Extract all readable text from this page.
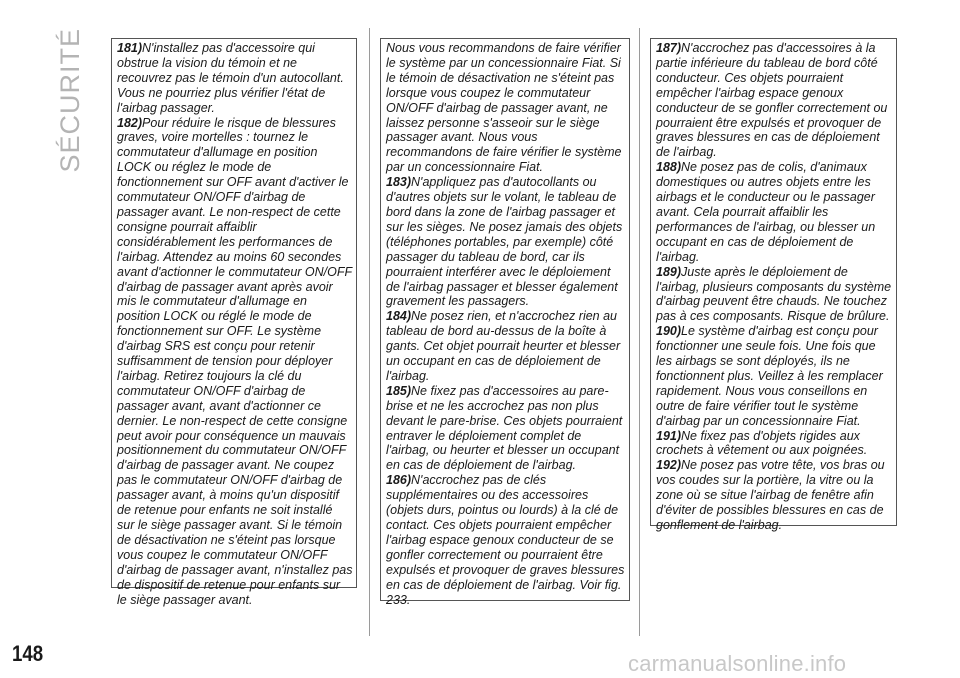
SÉCURITÉ	181)N'installez pas d'accessoire qui obstrue la vision du témoin et ne recouvrez pas le témoin d'un autocollant. Vous ne pourriez plus vérifier l'état de l'airbag passager.

182)Pour réduire le risque de blessures graves, voire mortelles : tournez le commutateur d'allumage en position LOCK ou réglez le mode de fonctionnement sur OFF avant d'activer le commutateur ON/OFF d'airbag de passager avant. Le non-respect de cette consigne pourrait affaiblir considérablement les performances de l'airbag. Attendez au moins 60 secondes avant d'actionner le commutateur ON/OFF d'airbag de passager avant après avoir mis le commutateur d'allumage en position LOCK ou réglé le mode de fonctionnement sur OFF. Le système d'airbag SRS est conçu pour retenir suffisamment de tension pour déployer l'airbag. Retirez toujours la clé du commutateur ON/OFF d'airbag de passager avant, avant d'actionner ce dernier. Le non-respect de cette consigne peut avoir pour conséquence un mauvais positionnement du commutateur ON/OFF d'airbag de passager avant. Ne coupez pas le commutateur ON/OFF d'airbag de passager avant, à moins qu'un dispositif de retenue pour enfants ne soit installé sur le siège passager avant. Si le témoin de désactivation ne s'éteint pas lorsque vous coupez le commutateur ON/OFF d'airbag de passager avant, n'installez pas de dispositif de retenue pour enfants sur le siège passager avant.

Nous vous recommandons de faire vérifier le système par un concessionnaire Fiat. Si le témoin de désactivation ne s'éteint pas lorsque vous coupez le commutateur ON/OFF d'airbag de passager avant, ne laissez personne s'asseoir sur le siège passager avant. Nous vous recommandons de faire vérifier le système par un concessionnaire Fiat.

183)N'appliquez pas d'autocollants ou d'autres objets sur le volant, le tableau de bord dans la zone de l'airbag passager et sur les sièges. Ne posez jamais des objets (téléphones portables, par exemple) côté passager du tableau de bord, car ils pourraient interférer avec le déploiement de l'airbag passager et blesser également gravement les passagers.

184)Ne posez rien, et n'accrochez rien au tableau de bord au-dessus de la boîte à gants. Cet objet pourrait heurter et blesser un occupant en cas de déploiement de l'airbag.

185)Ne fixez pas d'accessoires au pare-brise et ne les accrochez pas non plus devant le pare-brise. Ces objets pourraient entraver le déploiement complet de l'airbag, ou heurter et blesser un occupant en cas de déploiement de l'airbag.

186)N'accrochez pas de clés supplémentaires ou des accessoires (objets durs, pointus ou lourds) à la clé de contact. Ces objets pourraient empêcher l'airbag espace genoux conducteur de se gonfler correctement ou pourraient être expulsés et provoquer de graves blessures en cas de déploiement de l'airbag. Voir fig. 233.

187)N'accrochez pas d'accessoires à la partie inférieure du tableau de bord côté conducteur. Ces objets pourraient empêcher l'airbag espace genoux conducteur de se gonfler correctement ou pourraient être expulsés et provoquer de graves blessures en cas de déploiement de l'airbag.

188)Ne posez pas de colis, d'animaux domestiques ou autres objets entre les airbags et le conducteur ou le passager avant. Cela pourrait affaiblir les performances de l'airbag, ou blesser un occupant en cas de déploiement de l'airbag.

189)Juste après le déploiement de l'airbag, plusieurs composants du système d'airbag peuvent être chauds. Ne touchez pas à ces composants. Risque de brûlure.

190)Le système d'airbag est conçu pour fonctionner une seule fois. Une fois que les airbags se sont déployés, ils ne fonctionnent plus. Veillez à les remplacer rapidement. Nous vous conseillons en outre de faire vérifier tout le système d'airbag par un concessionnaire Fiat.

191)Ne fixez pas d'objets rigides aux crochets à vêtement ou aux poignées.

192)Ne posez pas votre tête, vos bras ou vos coudes sur la portière, la vitre ou la zone où se situe l'airbag de fenêtre afin d'éviter de possibles blessures en cas de gonflement de l'airbag.

148	carmanualsonline.info
